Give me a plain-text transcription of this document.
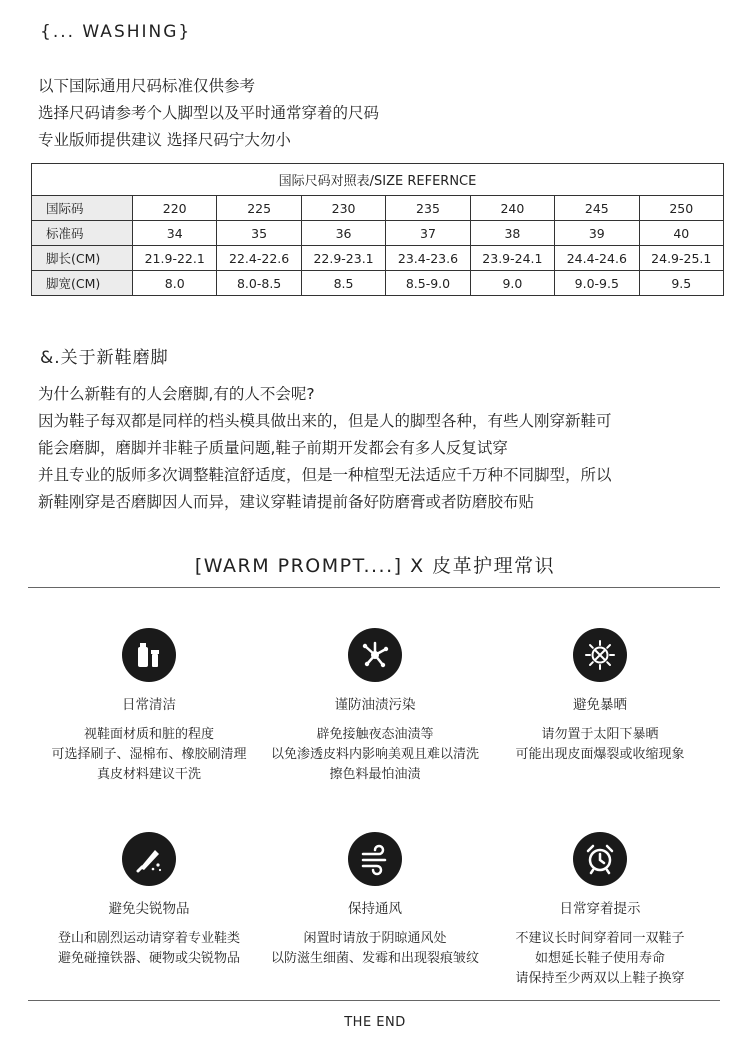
{... WASHING}

以下国际通用尺码标准仅供参考

选择尺码请参考个人脚型以及平时通常穿着的尺码

专业版师提供建议 选择尺码宁大勿小

国际尺码对照表/SIZE REFERNCE							
国际码	220	225	230	235	240	245	250
标准码	34	35	36	37	38	39	40
脚长(CM)	21.9-22.1	22.4-22.6	22.9-23.1	23.4-23.6	23.9-24.1	24.4-24.6	24.9-25.1
脚宽(CM)	8.0	8.0-8.5	8.5	8.5-9.0	9.0	9.0-9.5	9.5
&.关于新鞋磨脚

为什么新鞋有的人会磨脚,有的人不会呢?

因为鞋子每双都是同样的档头模具做出来的，但是人的脚型各种，有些人刚穿新鞋可

能会磨脚，磨脚并非鞋子质量问题,鞋子前期开发都会有多人反复试穿

并且专业的版师多次调整鞋渲舒适度，但是一种楦型无法适应千万种不同脚型，所以

新鞋刚穿是否磨脚因人而异，建议穿鞋请提前备好防磨膏或者防磨胶布贴

[WARM PROMPT....] X 皮革护理常识
日常清洁

视鞋面材质和脏的程度

可选择刷子、湿棉布、橡胶刷清理

真皮材料建议干洗

谨防油渍污染

辟免接触夜态油渍等

以免渗透皮料内影响美观且难以清洗

擦色料最怕油渍

避免暴晒

请勿置于太阳下暴晒

可能出现皮面爆裂或收缩现象

避免尖锐物品

登山和剧烈运动请穿着专业鞋类

避免碰撞铁器、硬物或尖锐物品

保持通风

闲置时请放于阴晾通风处

以防滋生细菌、发霉和出现裂痕皱纹

日常穿着提示

不建议长时间穿着同一双鞋子

如想延长鞋子使用寿命

请保持至少两双以上鞋子换穿

THE END
